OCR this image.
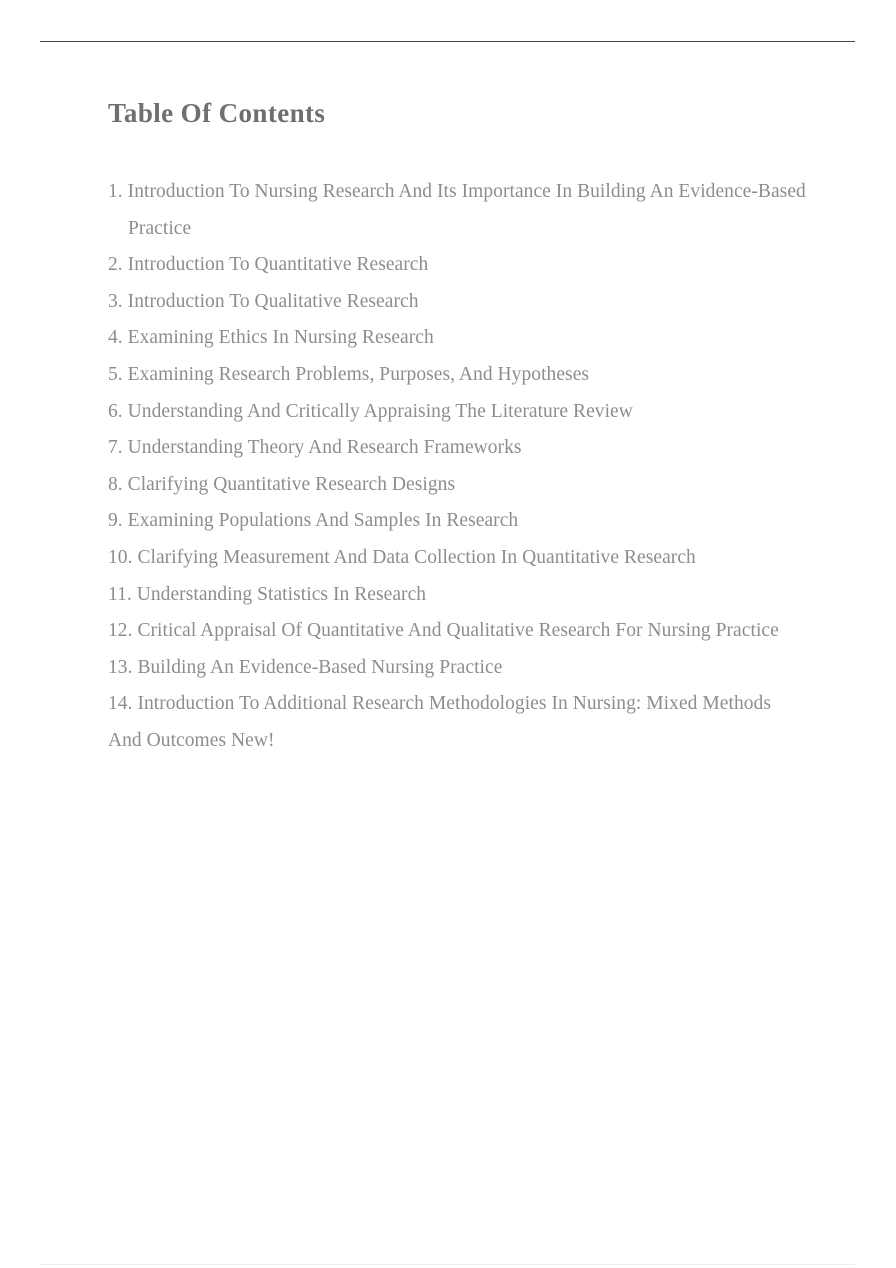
Table Of Contents
1. Introduction To Nursing Research And Its Importance In Building An Evidence-Based Practice
2. Introduction To Quantitative Research
3. Introduction To Qualitative Research
4. Examining Ethics In Nursing Research
5. Examining Research Problems, Purposes, And Hypotheses
6. Understanding And Critically Appraising The Literature Review
7. Understanding Theory And Research Frameworks
8. Clarifying Quantitative Research Designs
9. Examining Populations And Samples In Research
10. Clarifying Measurement And Data Collection In Quantitative Research
11. Understanding Statistics In Research
12. Critical Appraisal Of Quantitative And Qualitative Research For Nursing Practice
13. Building An Evidence-Based Nursing Practice
14. Introduction To Additional Research Methodologies In Nursing: Mixed Methods And Outcomes New!
